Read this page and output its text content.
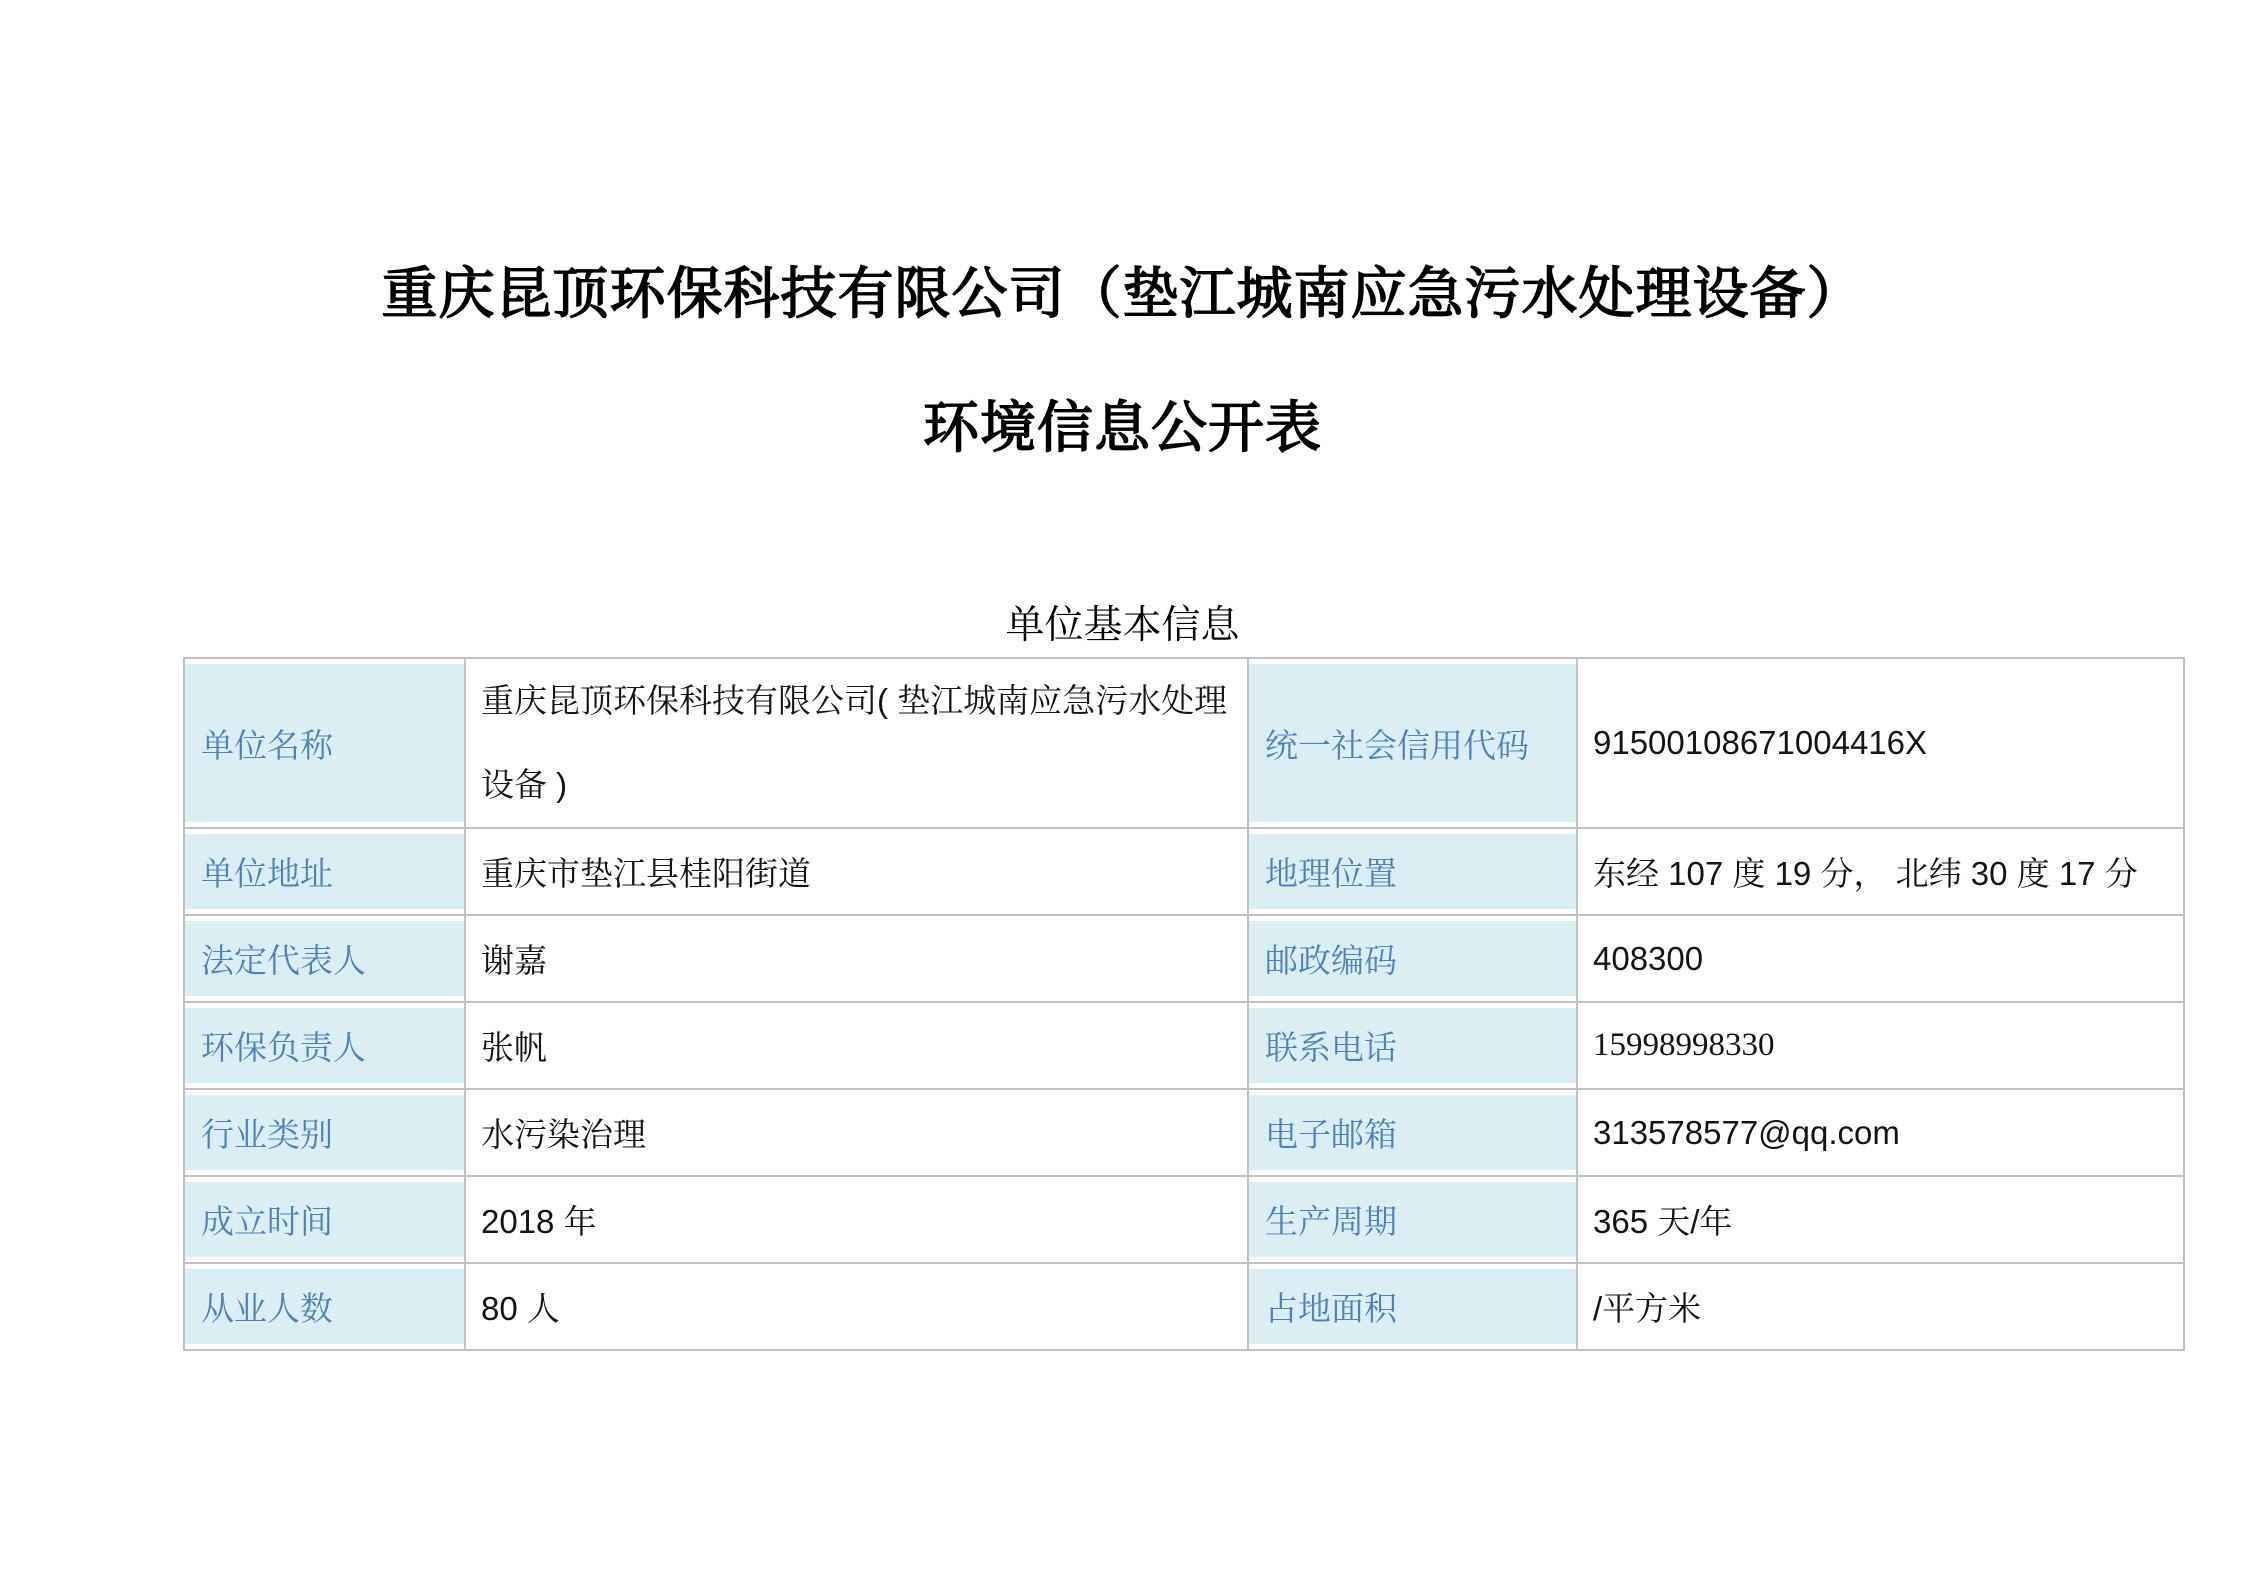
重庆昆顶环保科技有限公司（垫江城南应急污水处理设备）
环境信息公开表
单位基本信息
单位名称	重庆昆顶环保科技有限公司( 垫江城南应急污水处理设备 )	统一社会信用代码	91500108671004416X
单位地址	重庆市垫江县桂阳街道	地理位置	东经 107 度 19 分， 北纬 30 度 17 分
法定代表人	谢嘉	邮政编码	408300
环保负责人	张帆	联系电话	15998998330
行业类别	水污染治理	电子邮箱	313578577@qq.com
成立时间	2018 年	生产周期	365 天/年
从业人数	80 人	占地面积	/平方米
